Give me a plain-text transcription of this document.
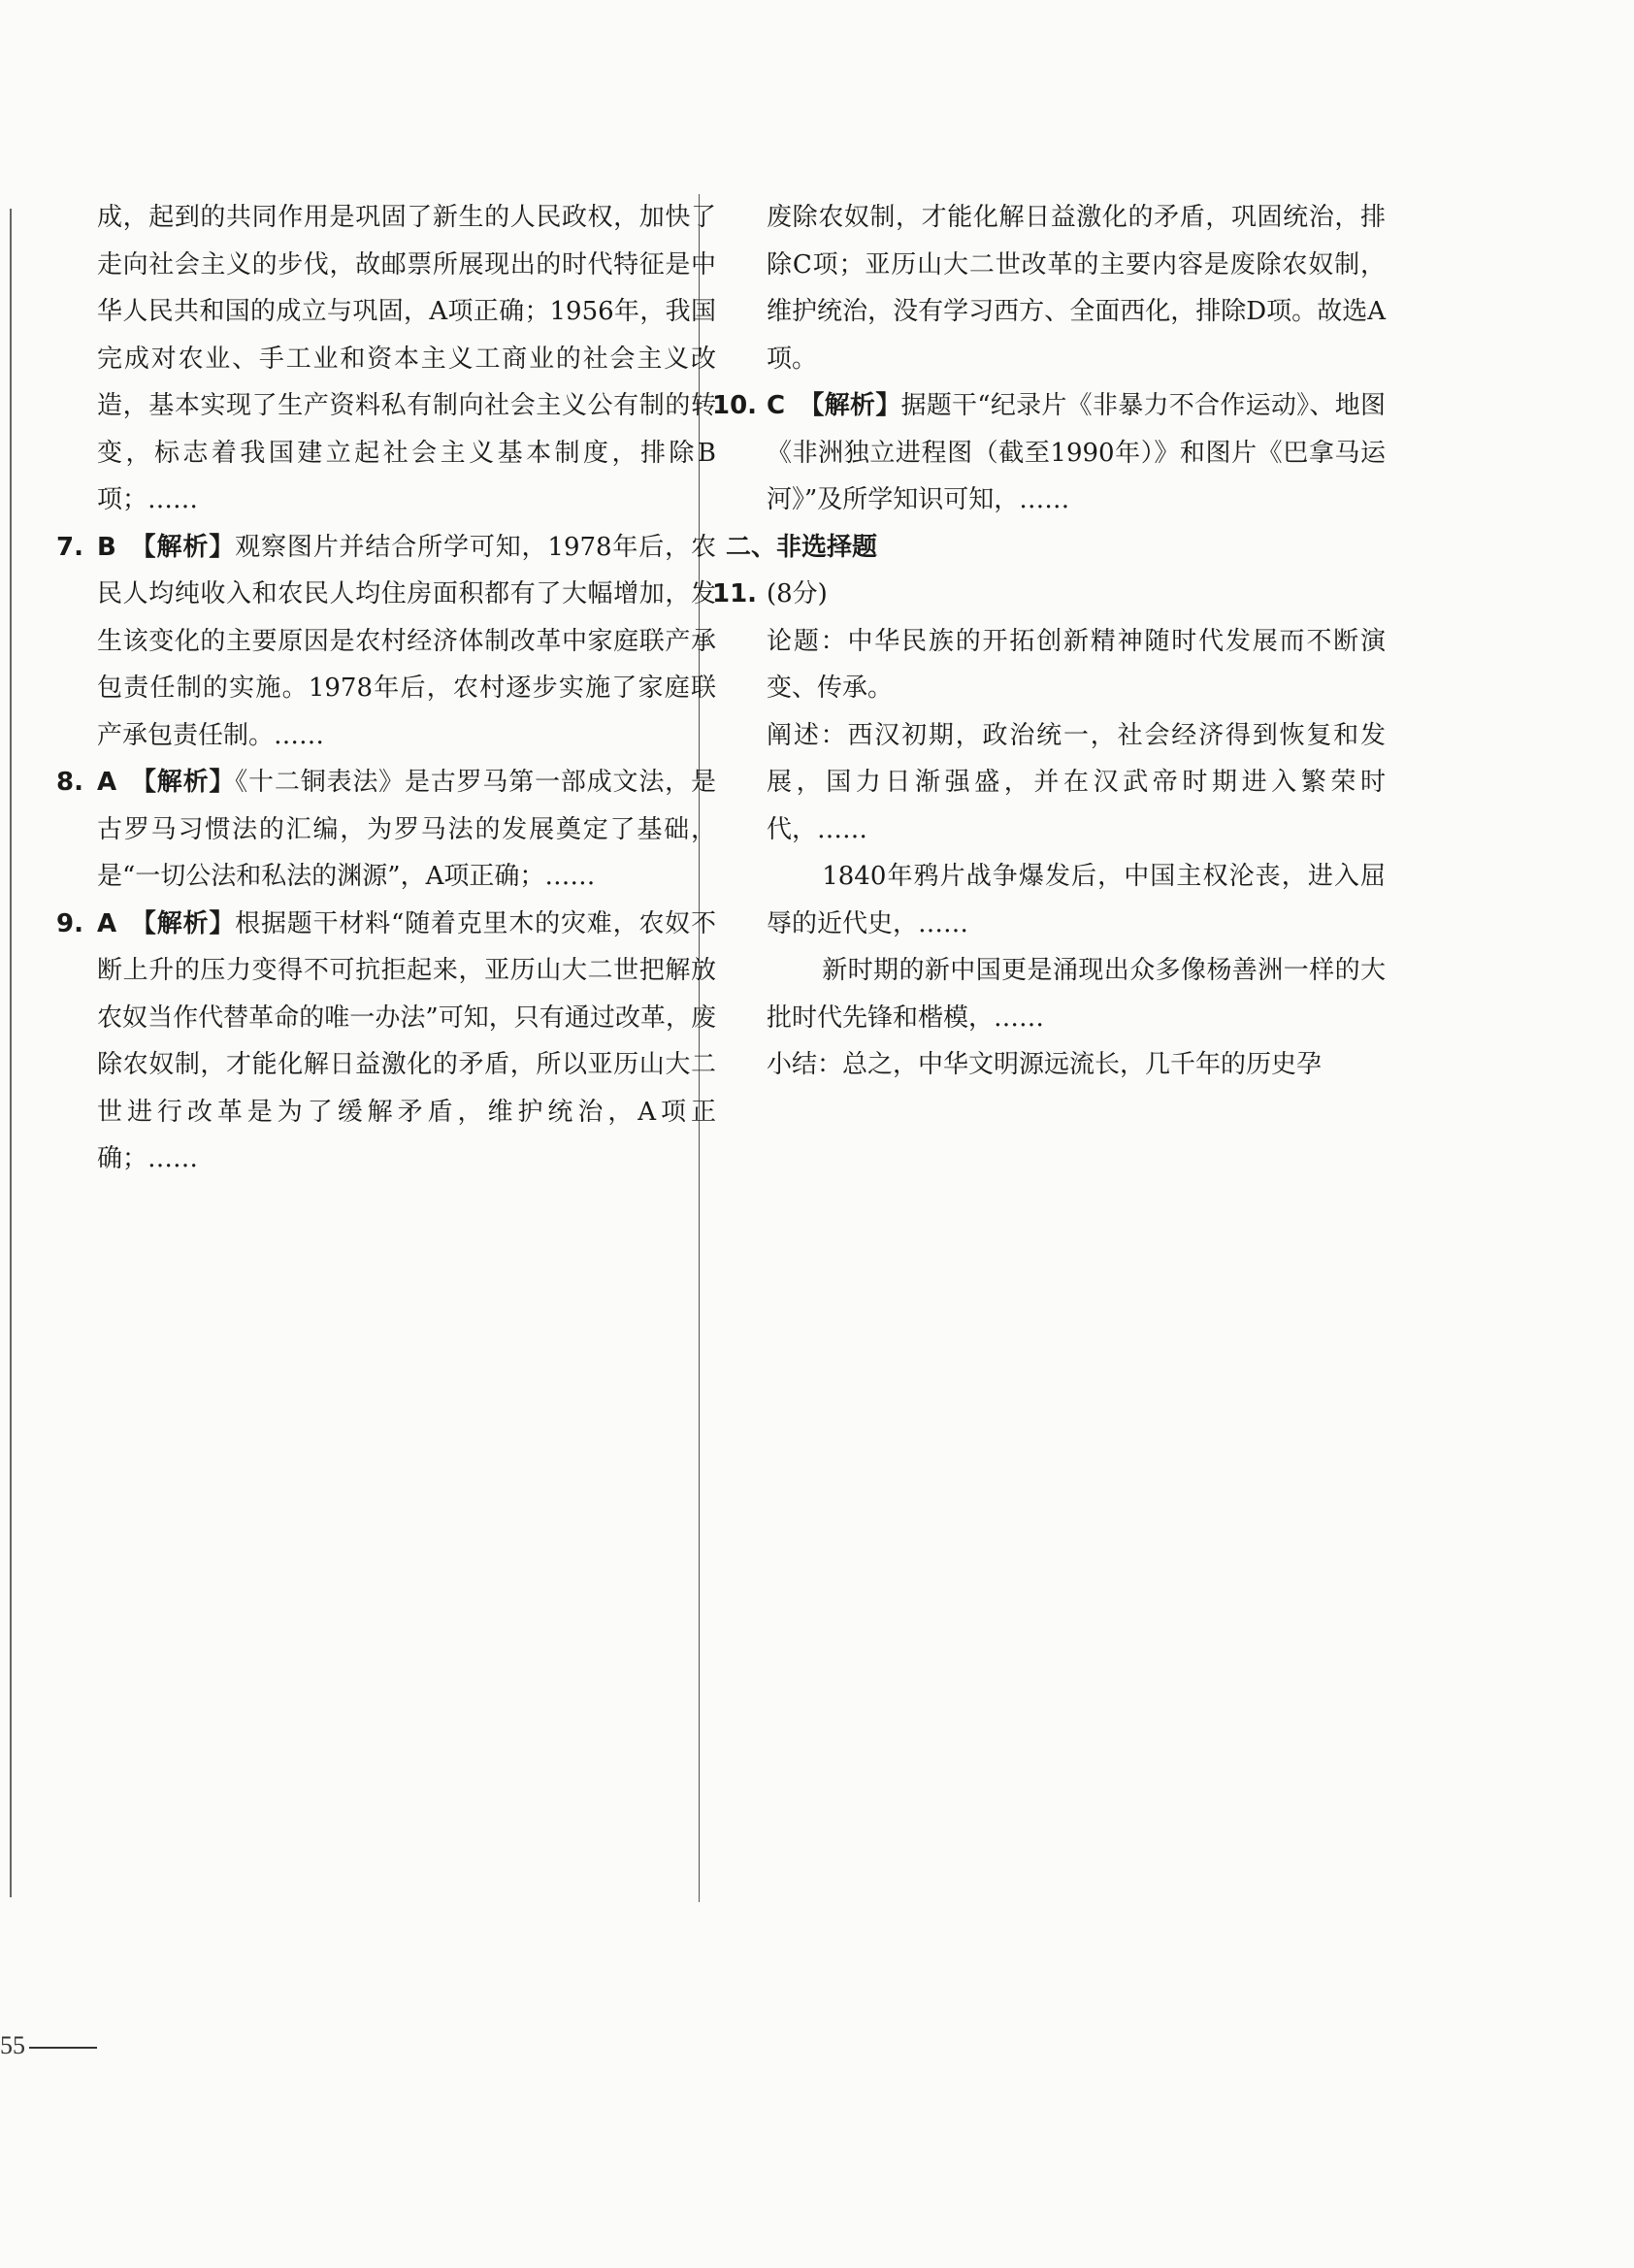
成，起到的共同作用是巩固了新生的人民政权，加快了走向社会主义的步伐，故邮票所展现出的时代特征是中华人民共和国的成立与巩固，A项正确；1956年，我国完成对农业、手工业和资本主义工商业的社会主义改造，基本实现了生产资料私有制向社会主义公有制的转变，标志着我国建立起社会主义基本制度，排除B项；……
7. B 【解析】观察图片并结合所学可知，1978年后，农民人均纯收入和农民人均住房面积都有了大幅增加，发生该变化的主要原因是农村经济体制改革中家庭联产承包责任制的实施。1978年后，农村逐步实施了家庭联产承包责任制。……
8. A 【解析】《十二铜表法》是古罗马第一部成文法，是古罗马习惯法的汇编，为罗马法的发展奠定了基础，是“一切公法和私法的渊源”，A项正确；……
9. A 【解析】根据题干材料“随着克里木的灾难，农奴不断上升的压力变得不可抗拒起来，亚历山大二世把解放农奴当作代替革命的唯一办法”可知，只有通过改革，废除农奴制，才能化解日益激化的矛盾，所以亚历山大二世进行改革是为了缓解矛盾，维护统治，A项正确；……
废除农奴制，才能化解日益激化的矛盾，巩固统治，排除C项；亚历山大二世改革的主要内容是废除农奴制，维护统治，没有学习西方、全面西化，排除D项。故选A项。
10. C 【解析】据题干“纪录片《非暴力不合作运动》、地图《非洲独立进程图（截至1990年）》和图片《巴拿马运河》”及所学知识可知，……
二、非选择题
11. (8分)
论题：中华民族的开拓创新精神随时代发展而不断演变、传承。
阐述：西汉初期，政治统一，社会经济得到恢复和发展，国力日渐强盛，并在汉武帝时期进入繁荣时代，……
1840年鸦片战争爆发后，中国主权沦丧，进入屈辱的近代史，……
新时期的新中国更是涌现出众多像杨善洲一样的大批时代先锋和楷模，……
小结：总之，中华文明源远流长，几千年的历史孕
55
